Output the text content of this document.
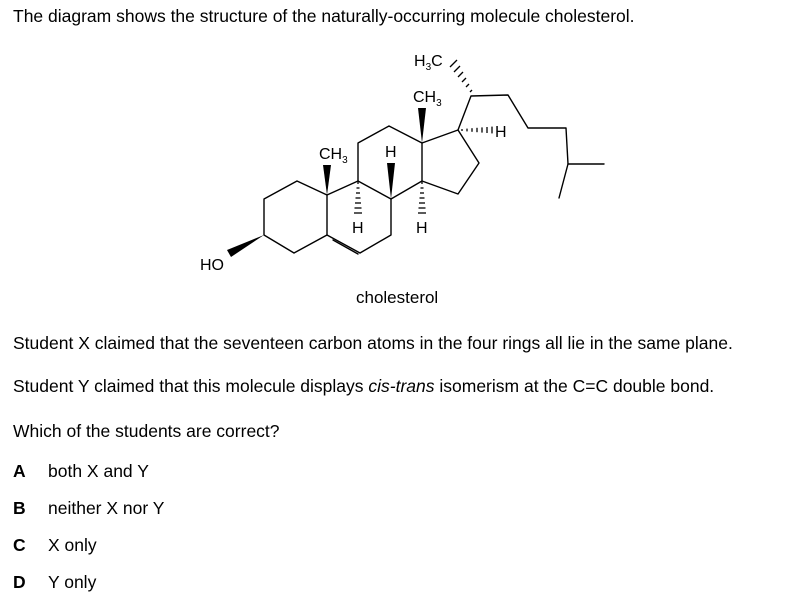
The diagram shows the structure of the naturally-occurring molecule cholesterol.
$H_3C$
$CH_3$
$CH_3$ H
H
H	H
HO
cholesterol
Student X claimed that the seventeen carbon atoms in the four rings all lie in the same plane.
Student Y claimed that this molecule displays cis-trans isomerism at the C=C double bond.
Which of the students are correct?
A both X and Y
B neither X nor Y
C X only
D Y only
